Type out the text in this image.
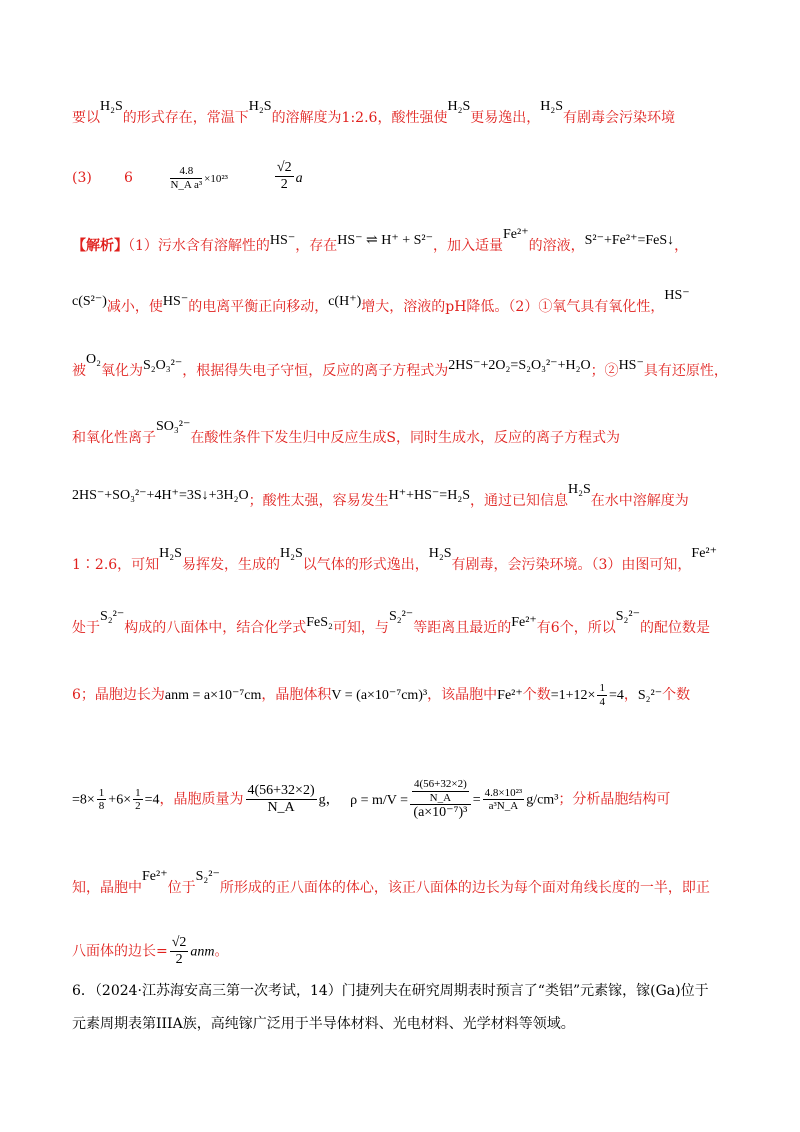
要以H₂S的形式存在，常温下H₂S的溶解度为1:2.6，酸性强使H₂S更易逸出，H₂S有剧毒会污染环境
(3) 6	$\frac{4.8}{\text{N\_A a³}} \times 10^{23}$	$\frac{√2}{2}$ a
【解析】（1）污水含有溶解性的HS⁻，存在HS⁻ ⇌ H⁺ + S²⁻，加入适量Fe²⁺的溶液，S²⁻+Fe²⁺=FeS↓，
c(S²⁻)减小，使HS⁻的电离平衡正向移动，c(H⁺)增大，溶液的pH降低。（2）①氧气具有氧化性，HS⁻
被O₂氧化为S₂O₃²⁻，根据得失电子守恒，反应的离子方程式为2HS⁻+2O₂=S₂O₃²⁻+H₂O；②HS⁻具有还原性，
和氧化性离子SO₃²⁻在酸性条件下发生归中反应生成S，同时生成水，反应的离子方程式为
2HS⁻+SO₃²⁻+4H⁺=3S↓+3H₂O；酸性太强，容易发生H⁺+HS⁻=H₂S，通过已知信息H₂S在水中溶解度为
1∶2.6，可知H₂S易挥发，生成的H₂S以气体的形式逸出，H₂S有剧毒，会污染环境。（3）由图可知，Fe²⁺
处于S₂²⁻构成的八面体中，结合化学式FeS₂可知，与S₂²⁻等距离且最近的Fe²⁺有6个，所以S₂²⁻的配位数是
6；晶胞边长为anm = a×10⁻⁷cm，晶胞体积V = (a×10⁻⁷cm)³，该晶胞中Fe²⁺个数$=1+12\times \frac{1}{4} =4$，S₂²⁻个数
$=8\times \frac{1}{8} +6\times \frac{1}{2} =4$，晶胞质量为 $\frac{4(56+32\times 2)}{N\_A}$ g， $\rho = m/V = \frac{\frac{4(56+32\times 2)}{N\_A}}{\text{(a×10⁻⁷)³}} = \frac{\text{4.8×10²³}}{\text{a³N\_A}} g/cm^3$；分析晶胞结构可
知，晶胞中Fe²⁺位于S₂²⁻所形成的正八面体的体心，该正八面体的边长为每个面对角线长度的一半，即正
八面体的边长= $\frac{√2}{2}$ anm。
6．（2024·江苏海安高三第一次考试，14）门捷列夫在研究周期表时预言了“类铝”元素镓，镓(Ga)位于
元素周期表第IIIA族，高纯镓广泛用于半导体材料、光电材料、光学材料等领域。
